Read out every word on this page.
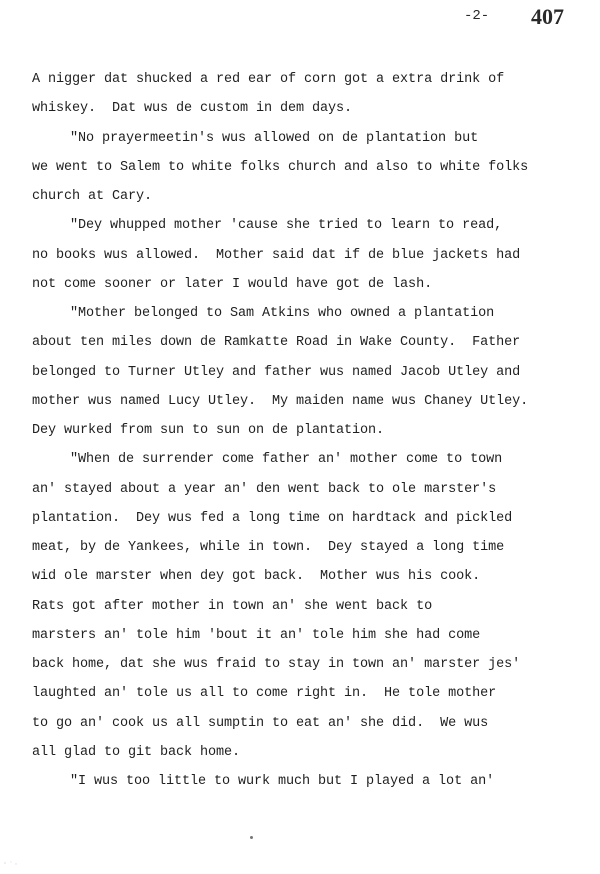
-2- 407
A nigger dat shucked a red ear of corn got a extra drink of
whiskey.  Dat wus de custom in dem days.
"No prayermeetin's wus allowed on de plantation but
we went to Salem to white folks church and also to white folks
church at Cary.
"Dey whupped mother 'cause she tried to learn to read,
no books wus allowed.  Mother said dat if de blue jackets had
not come sooner or later I would have got de lash.
"Mother belonged to Sam Atkins who owned a plantation
about ten miles down de Ramkatte Road in Wake County.  Father
belonged to Turner Utley and father wus named Jacob Utley and
mother wus named Lucy Utley.  My maiden name wus Chaney Utley.
Dey wurked from sun to sun on de plantation.
"When de surrender come father an' mother come to town
an' stayed about a year an' den went back to ole marster's
plantation.  Dey wus fed a long time on hardtack and pickled
meat, by de Yankees, while in town.  Dey stayed a long time
wid ole marster when dey got back.  Mother wus his cook.
Rats got after mother in town an' she went back to
marsters an' tole him 'bout it an' tole him she had come
back home, dat she wus fraid to stay in town an' marster jes'
laughted an' tole us all to come right in.  He tole mother
to go an' cook us all sumptin to eat an' she did.  We wus
all glad to git back home.
"I wus too little to wurk much but I played a lot an'
